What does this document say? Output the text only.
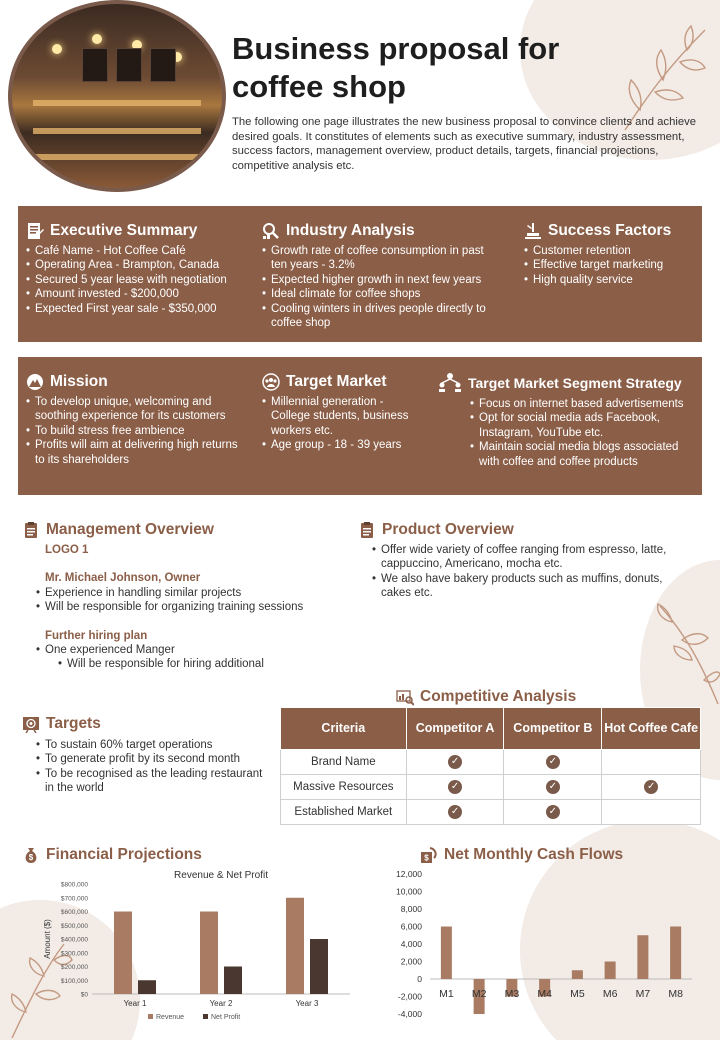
Business proposal for coffee shop
The following one page illustrates the new business proposal to convince clients and achieve desired goals. It constitutes of elements such as executive summary, industry assessment, success factors, management overview, product details, targets, financial projections, competitive analysis etc.
Executive Summary
• Café Name - Hot Coffee Café
• Operating Area - Brampton, Canada
• Secured 5 year lease with negotiation
• Amount invested - $200,000
• Expected First year sale - $350,000
Industry Analysis
• Growth rate of coffee consumption in past ten years - 3.2%
• Expected higher growth in next few years
• Ideal climate for coffee shops
• Cooling winters in drives people directly to coffee shop
Success Factors
• Customer retention
• Effective target marketing
• High quality service
Mission
• To develop unique, welcoming and soothing experience for its customers
• To build stress free ambience
• Profits will aim at delivering high returns to its shareholders
Target Market
• Millennial generation - College students, business workers etc.
• Age group - 18 - 39 years
Target Market Segment Strategy
• Focus on internet based advertisements
• Opt for social media ads Facebook, Instagram, YouTube etc.
• Maintain social media blogs associated with coffee and coffee products
Management Overview
LOGO 1
Mr. Michael Johnson, Owner
• Experience in handling similar projects
• Will be responsible for organizing training sessions
Further hiring plan
• One experienced Manger
• Will be responsible for hiring additional
Product Overview
• Offer wide variety of coffee ranging from espresso, latte, cappuccino, Americano, mocha etc.
• We also have bakery products such as muffins, donuts, cakes etc.
Targets
• To sustain 60% target operations
• To generate profit by its second month
• To be recognised as the leading restaurant in the world
Competitive Analysis
Criteria	Competitor A	Competitor B	Hot Coffee Cafe
Brand Name	✓	✓	
Massive Resources	✓	✓	✓
Established Market	✓	✓	
$ Financial Projections
Revenue & Net Profit
$0
$100,000
$200,000
$300,000
$400,000
$500,000
$600,000
$700,000
$800,000
Amount ($)
Year 1	Year 2	Year 3
Revenue	Net Profit
$ Net Monthly Cash Flows
-4,000
-2,000
0
2,000
4,000
6,000
8,000
10,000
12,000
M1 M2 M3 M4 M5 M6 M7 M8
